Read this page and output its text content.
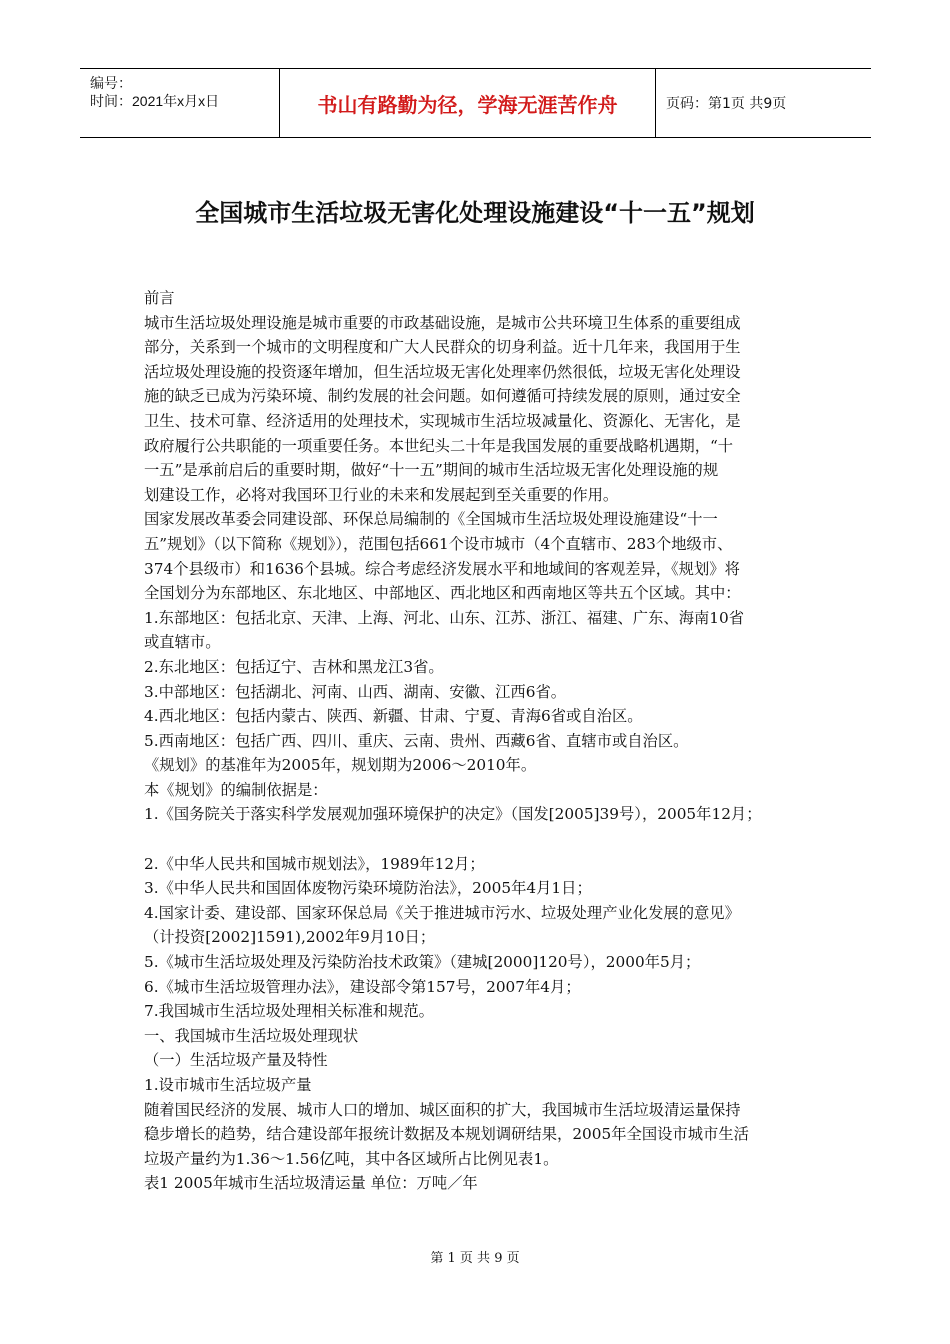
编号：
时间：2021年x月x日	书山有路勤为径，学海无涯苦作舟	页码：第1页 共9页
全国城市生活垃圾无害化处理设施建设“十一五”规划

前言

城市生活垃圾处理设施是城市重要的市政基础设施，是城市公共环境卫生体系的重要组成

部分，关系到一个城市的文明程度和广大人民群众的切身利益。近十几年来，我国用于生

活垃圾处理设施的投资逐年增加，但生活垃圾无害化处理率仍然很低，垃圾无害化处理设

施的缺乏已成为污染环境、制约发展的社会问题。如何遵循可持续发展的原则，通过安全

卫生、技术可靠、经济适用的处理技术，实现城市生活垃圾减量化、资源化、无害化，是

政府履行公共职能的一项重要任务。本世纪头二十年是我国发展的重要战略机遇期，“十

一五”是承前启后的重要时期，做好“十一五”期间的城市生活垃圾无害化处理设施的规

划建设工作，必将对我国环卫行业的未来和发展起到至关重要的作用。

国家发展改革委会同建设部、环保总局编制的《全国城市生活垃圾处理设施建设“十一

五”规划》（以下简称《规划》），范围包括661个设市城市（4个直辖市、283个地级市、

374个县级市）和1636个县城。综合考虑经济发展水平和地域间的客观差异，《规划》将

全国划分为东部地区、东北地区、中部地区、西北地区和西南地区等共五个区域。其中：

1.东部地区：包括北京、天津、上海、河北、山东、江苏、浙江、福建、广东、海南10省

或直辖市。

2.东北地区：包括辽宁、吉林和黑龙江3省。

3.中部地区：包括湖北、河南、山西、湖南、安徽、江西6省。

4.西北地区：包括内蒙古、陕西、新疆、甘肃、宁夏、青海6省或自治区。

5.西南地区：包括广西、四川、重庆、云南、贵州、西藏6省、直辖市或自治区。

《规划》的基准年为2005年，规划期为2006～2010年。

本《规划》的编制依据是：

1.《国务院关于落实科学发展观加强环境保护的决定》（国发[2005]39号），2005年12月；

2.《中华人民共和国城市规划法》，1989年12月；

3.《中华人民共和国固体废物污染环境防治法》，2005年4月1日；

4.国家计委、建设部、国家环保总局《关于推进城市污水、垃圾处理产业化发展的意见》

（计投资[2002]1591),2002年9月10日；

5.《城市生活垃圾处理及污染防治技术政策》（建城[2000]120号），2000年5月；

6.《城市生活垃圾管理办法》，建设部令第157号，2007年4月；

7.我国城市生活垃圾处理相关标准和规范。

一、我国城市生活垃圾处理现状

（一）生活垃圾产量及特性

1.设市城市生活垃圾产量

随着国民经济的发展、城市人口的增加、城区面积的扩大，我国城市生活垃圾清运量保持

稳步增长的趋势，结合建设部年报统计数据及本规划调研结果，2005年全国设市城市生活

垃圾产量约为1.36～1.56亿吨，其中各区域所占比例见表1。

表1 2005年城市生活垃圾清运量 单位：万吨／年

第 1 页 共 9 页
